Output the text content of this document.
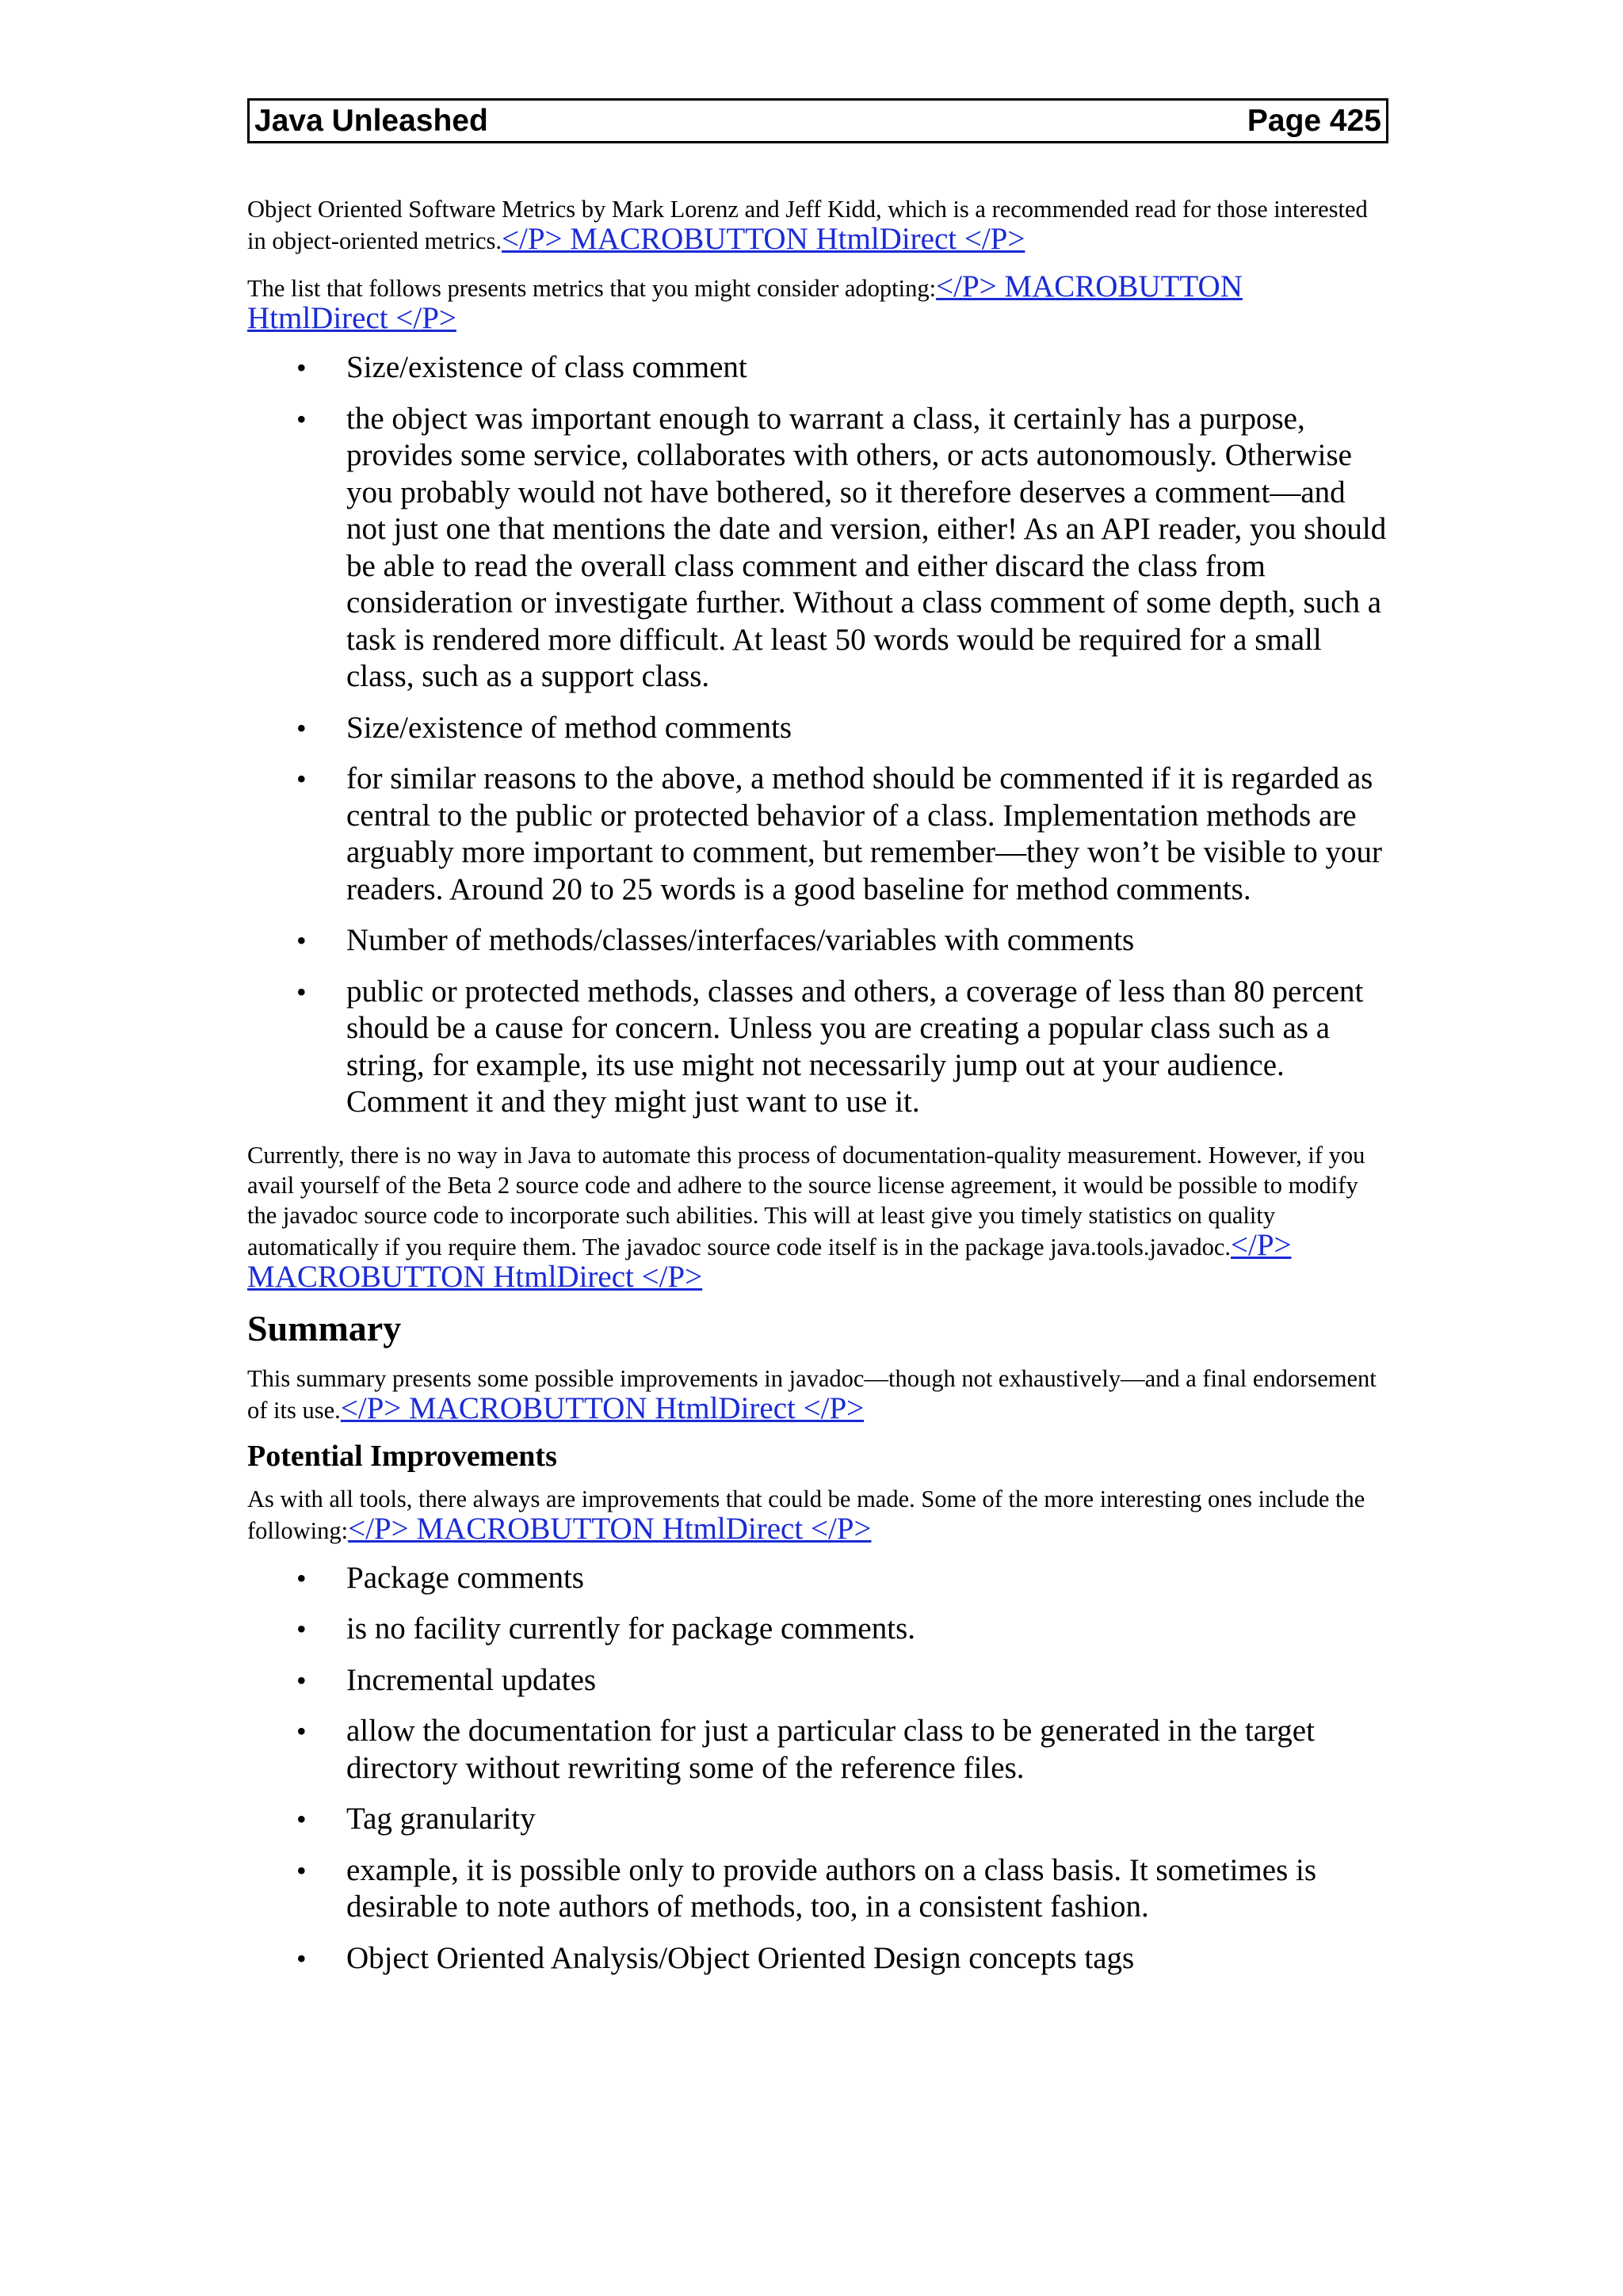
Java Unleashed	Page 425

Object Oriented Software Metrics by Mark Lorenz and Jeff Kidd, which is a recommended read for those interested in object-oriented metrics.</P> MACROBUTTON HtmlDirect </P>

The list that follows presents metrics that you might consider adopting:</P> MACROBUTTON HtmlDirect </P>

• Size/existence of class comment
• the object was important enough to warrant a class, it certainly has a purpose, provides some service, collaborates with others, or acts autonomously. Otherwise you probably would not have bothered, so it therefore deserves a comment—and not just one that mentions the date and version, either! As an API reader, you should be able to read the overall class comment and either discard the class from consideration or investigate further. Without a class comment of some depth, such a task is rendered more difficult. At least 50 words would be required for a small class, such as a support class.
• Size/existence of method comments
• for similar reasons to the above, a method should be commented if it is regarded as central to the public or protected behavior of a class. Implementation methods are arguably more important to comment, but remember—they won’t be visible to your readers. Around 20 to 25 words is a good baseline for method comments.
• Number of methods/classes/interfaces/variables with comments
• public or protected methods, classes and others, a coverage of less than 80 percent should be a cause for concern. Unless you are creating a popular class such as a string, for example, its use might not necessarily jump out at your audience. Comment it and they might just want to use it.

Currently, there is no way in Java to automate this process of documentation-quality measurement. However, if you avail yourself of the Beta 2 source code and adhere to the source license agreement, it would be possible to modify the javadoc source code to incorporate such abilities. This will at least give you timely statistics on quality automatically if you require them. The javadoc source code itself is in the package java.tools.javadoc.</P> MACROBUTTON HtmlDirect </P>

Summary

This summary presents some possible improvements in javadoc—though not exhaustively—and a final endorsement of its use.</P> MACROBUTTON HtmlDirect </P>

Potential Improvements

As with all tools, there always are improvements that could be made. Some of the more interesting ones include the following:</P> MACROBUTTON HtmlDirect </P>

• Package comments
• is no facility currently for package comments.
• Incremental updates
• allow the documentation for just a particular class to be generated in the target directory without rewriting some of the reference files.
• Tag granularity
• example, it is possible only to provide authors on a class basis. It sometimes is desirable to note authors of methods, too, in a consistent fashion.
• Object Oriented Analysis/Object Oriented Design concepts tags
